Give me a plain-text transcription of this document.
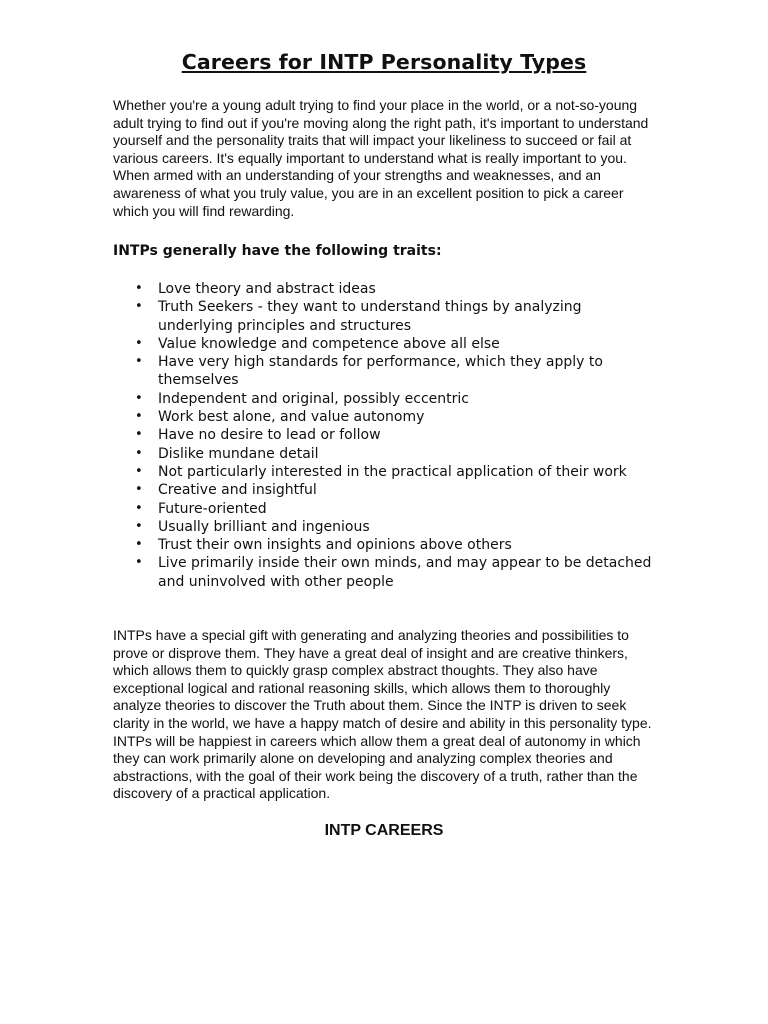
Careers for INTP Personality Types

Whether you're a young adult trying to find your place in the world, or a not-so-young adult trying to find out if you're moving along the right path, it's important to understand yourself and the personality traits that will impact your likeliness to succeed or fail at various careers. It's equally important to understand what is really important to you. When armed with an understanding of your strengths and weaknesses, and an awareness of what you truly value, you are in an excellent position to pick a career which you will find rewarding.

INTPs generally have the following traits:

• Love theory and abstract ideas
• Truth Seekers - they want to understand things by analyzing underlying principles and structures
• Value knowledge and competence above all else
• Have very high standards for performance, which they apply to themselves
• Independent and original, possibly eccentric
• Work best alone, and value autonomy
• Have no desire to lead or follow
• Dislike mundane detail
• Not particularly interested in the practical application of their work
• Creative and insightful
• Future-oriented
• Usually brilliant and ingenious
• Trust their own insights and opinions above others
• Live primarily inside their own minds, and may appear to be detached and uninvolved with other people

INTPs have a special gift with generating and analyzing theories and possibilities to prove or disprove them. They have a great deal of insight and are creative thinkers, which allows them to quickly grasp complex abstract thoughts. They also have exceptional logical and rational reasoning skills, which allows them to thoroughly analyze theories to discover the Truth about them. Since the INTP is driven to seek clarity in the world, we have a happy match of desire and ability in this personality type. INTPs will be happiest in careers which allow them a great deal of autonomy in which they can work primarily alone on developing and analyzing complex theories and abstractions, with the goal of their work being the discovery of a truth, rather than the discovery of a practical application.

INTP CAREERS
